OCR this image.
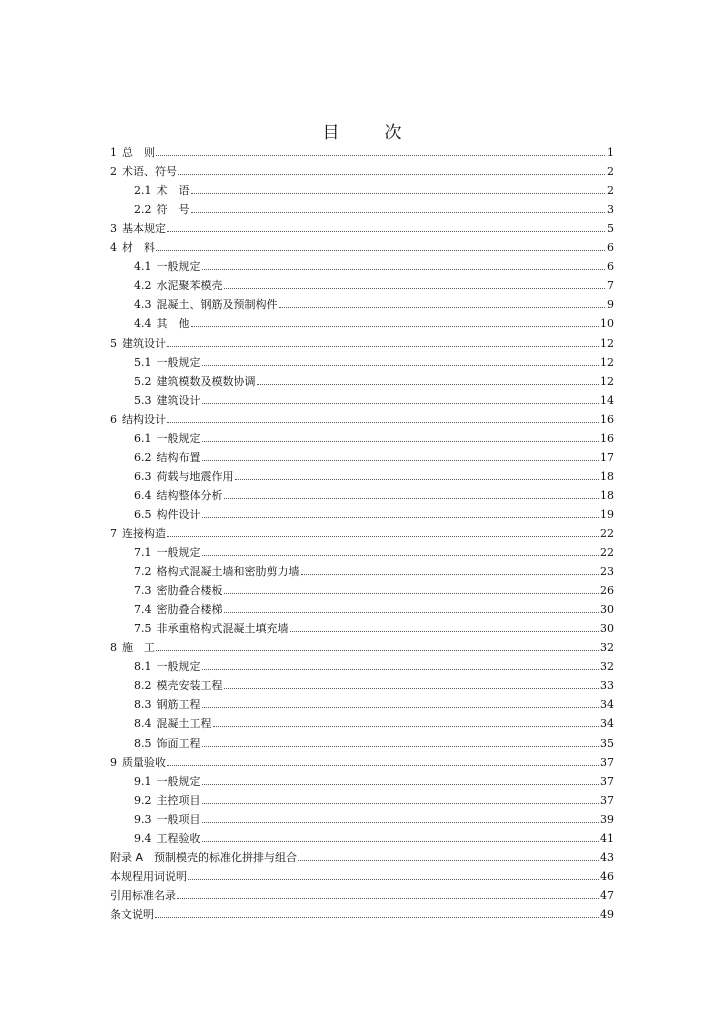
目　次
1 总　则	1
2 术语、符号	2
2.1 术　语	2
2.2 符　号	3
3 基本规定	5
4 材　料	6
4.1 一般规定	6
4.2 水泥聚苯模壳	7
4.3 混凝土、钢筋及预制构件	9
4.4 其　他	10
5 建筑设计	12
5.1 一般规定	12
5.2 建筑模数及模数协调	12
5.3 建筑设计	14
6 结构设计	16
6.1 一般规定	16
6.2 结构布置	17
6.3 荷载与地震作用	18
6.4 结构整体分析	18
6.5 构件设计	19
7 连接构造	22
7.1 一般规定	22
7.2 格构式混凝土墙和密肋剪力墙	23
7.3 密肋叠合楼板	26
7.4 密肋叠合楼梯	30
7.5 非承重格构式混凝土填充墙	30
8 施　工	32
8.1 一般规定	32
8.2 模壳安装工程	33
8.3 钢筋工程	34
8.4 混凝土工程	34
8.5 饰面工程	35
9 质量验收	37
9.1 一般规定	37
9.2 主控项目	37
9.3 一般项目	39
9.4 工程验收	41
附录 A　预制模壳的标准化拼排与组合	43
本规程用词说明	46
引用标准名录	47
条文说明	49
